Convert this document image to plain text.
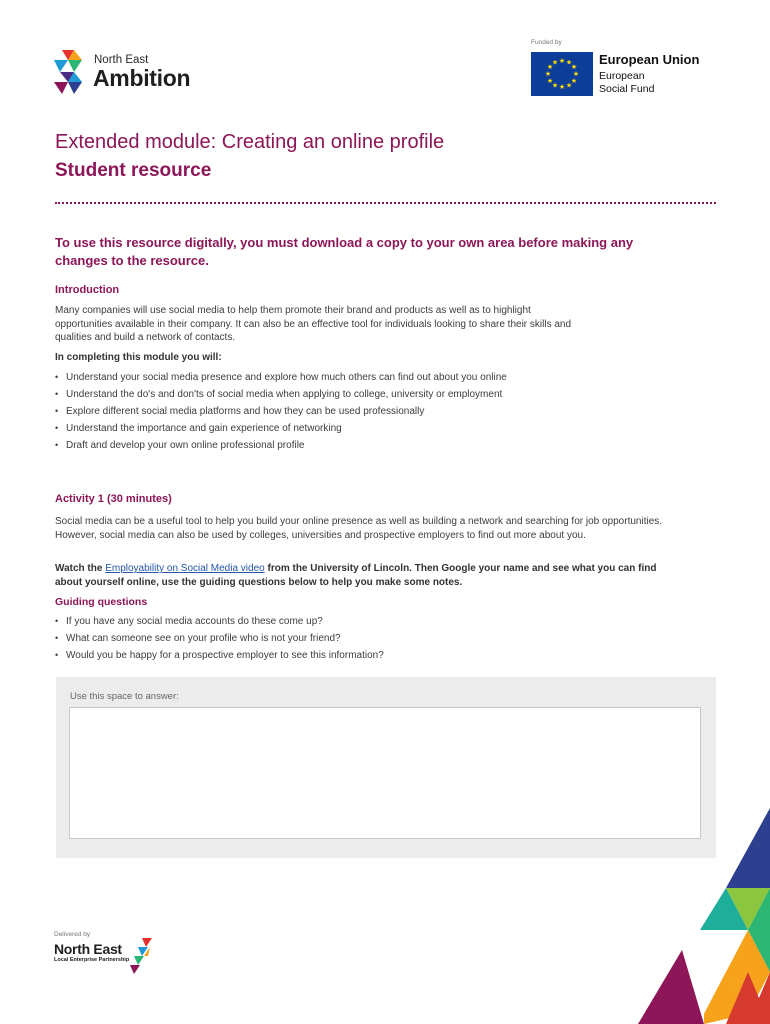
North East
Ambition
Funded by
★ ★
★
★
★
★
★
★
★
★
★
★	European Union
European
Social Fund
Extended module: Creating an online profile
Student resource
To use this resource digitally, you must download a copy to your own area before making any changes to the resource.
Introduction
Many companies will use social media to help them promote their brand and products as well as to highlight opportunities available in their company. It can also be an effective tool for individuals looking to share their skills and qualities and build a network of contacts.
In completing this module you will:
• Understand your social media presence and explore how much others can find out about you online
• Understand the do's and don'ts of social media when applying to college, university or employment
• Explore different social media platforms and how they can be used professionally
• Understand the importance and gain experience of networking
• Draft and develop your own online professional profile
Activity 1 (30 minutes)
Social media can be a useful tool to help you build your online presence as well as building a network and searching for job opportunities. However, social media can also be used by colleges, universities and prospective employers to find out more about you.
Watch the Employability on Social Media video from the University of Lincoln. Then Google your name and see what you can find about yourself online, use the guiding questions below to help you make some notes.
Guiding questions
• If you have any social media accounts do these come up?
• What can someone see on your profile who is not your friend?
• Would you be happy for a prospective employer to see this information?
Use this space to answer:
Delivered by
North East
Local Enterprise Partnership
